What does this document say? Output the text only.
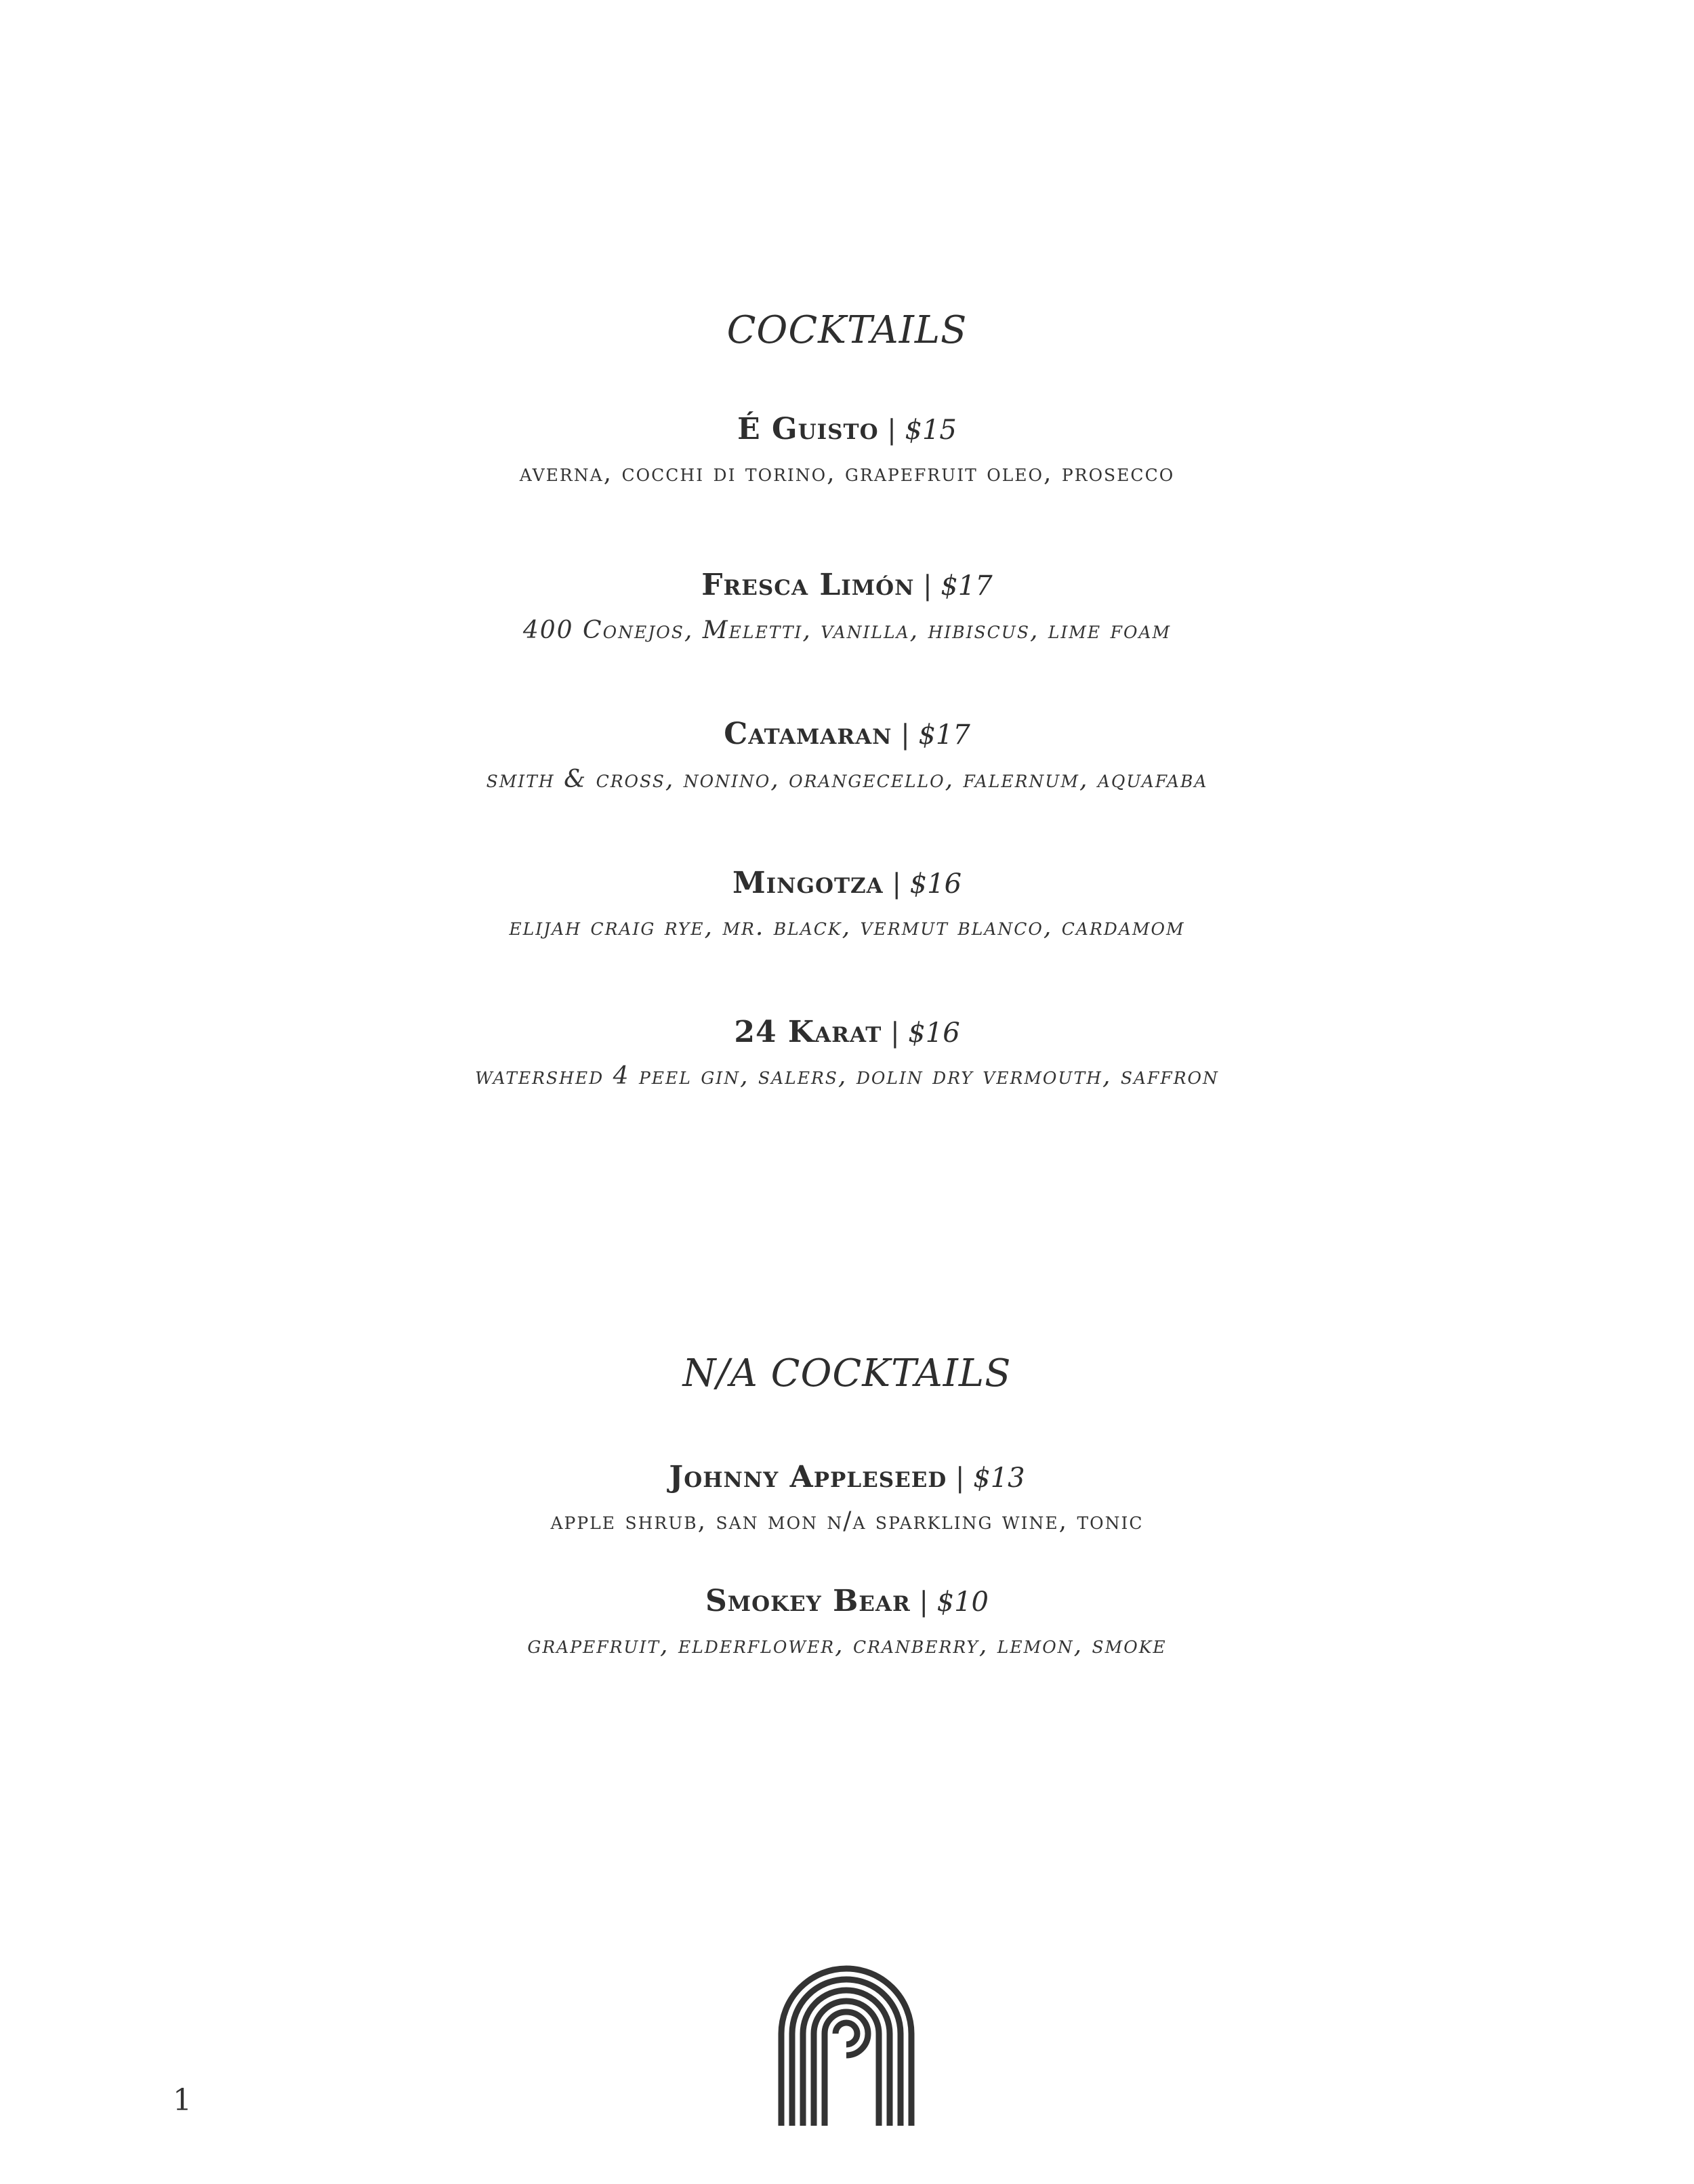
COCKTAILS
É Guisto | $15
averna, cocchi di torino, grapefruit oleo, prosecco
Fresca Limón | $17
400 Conejos, Meletti, vanilla, hibiscus, lime foam
Catamaran | $17
smith & cross, nonino, orangecello, falernum, aquafaba
Mingotza | $16
elijah craig rye, mr. black, vermut blanco, cardamom
24 Karat | $16
watershed 4 peel gin, salers, dolin dry vermouth, saffron
N/A COCKTAILS
Johnny Appleseed | $13
apple shrub, san mon n/a sparkling wine, tonic
Smokey Bear | $10
grapefruit, elderflower, cranberry, lemon, smoke
1
